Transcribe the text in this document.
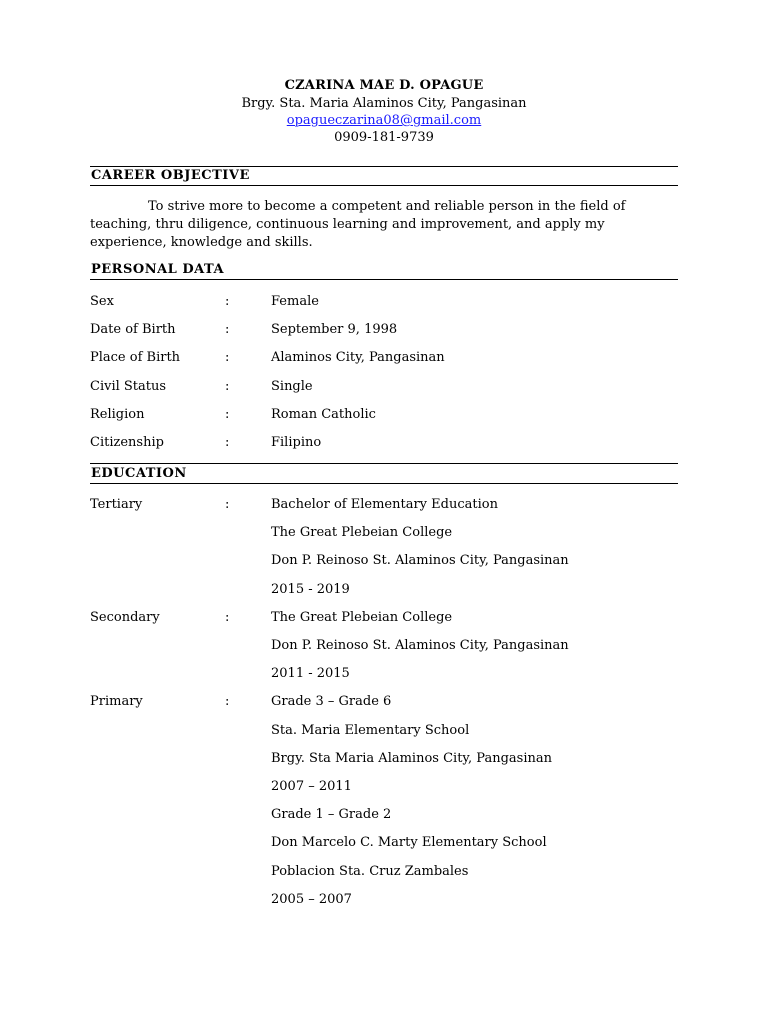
CZARINA MAE D. OPAGUE
Brgy. Sta. Maria Alaminos City, Pangasinan
opagueczarina08@gmail.com
0909-181-9739
CAREER OBJECTIVE
To strive more to become a competent and reliable person in the field of teaching, thru diligence, continuous learning and improvement, and apply my experience, knowledge and skills.
PERSONAL DATA
Sex	:	Female
Date of Birth	:	September 9, 1998
Place of Birth	:	Alaminos City, Pangasinan
Civil Status	:	Single
Religion	:	Roman Catholic
Citizenship	:	Filipino
EDUCATION
Tertiary	:	Bachelor of Elementary Education
The Great Plebeian College
Don P. Reinoso St. Alaminos City, Pangasinan
2015 - 2019
Secondary	:	The Great Plebeian College
Don P. Reinoso St. Alaminos City, Pangasinan
2011 - 2015
Primary	:	Grade 3 – Grade 6
Sta. Maria Elementary School
Brgy. Sta Maria Alaminos City, Pangasinan
2007 – 2011
Grade 1 – Grade 2
Don Marcelo C. Marty Elementary School
Poblacion Sta. Cruz Zambales
2005 – 2007
